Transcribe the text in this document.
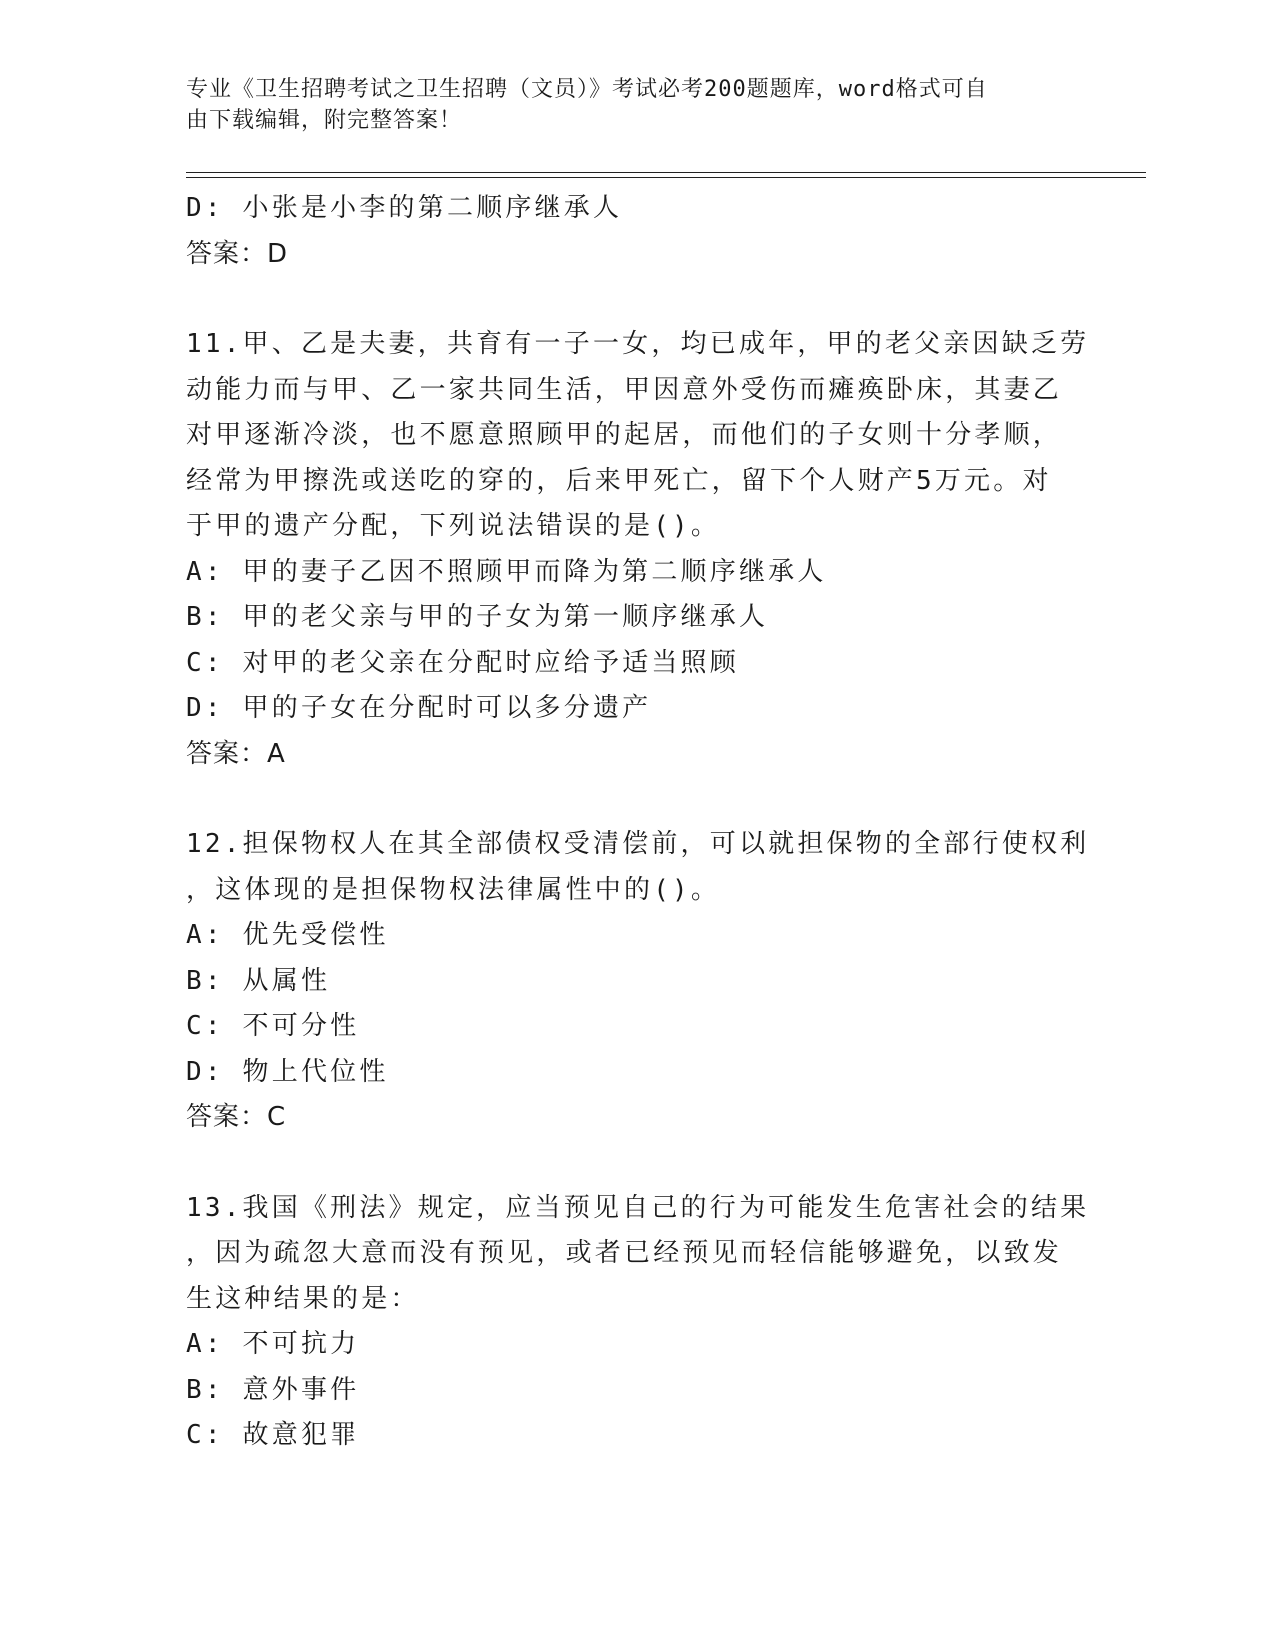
专业《卫生招聘考试之卫生招聘（文员）》考试必考200题题库，word格式可自
由下载编辑，附完整答案！
D: 小张是小李的第二顺序继承人
答案：D
11.甲、乙是夫妻，共育有一子一女，均已成年，甲的老父亲因缺乏劳
动能力而与甲、乙一家共同生活，甲因意外受伤而瘫痪卧床，其妻乙
对甲逐渐冷淡，也不愿意照顾甲的起居，而他们的子女则十分孝顺，
经常为甲擦洗或送吃的穿的，后来甲死亡，留下个人财产5万元。对
于甲的遗产分配，下列说法错误的是()。
A: 甲的妻子乙因不照顾甲而降为第二顺序继承人
B: 甲的老父亲与甲的子女为第一顺序继承人
C: 对甲的老父亲在分配时应给予适当照顾
D: 甲的子女在分配时可以多分遗产
答案：A
12.担保物权人在其全部债权受清偿前，可以就担保物的全部行使权利
，这体现的是担保物权法律属性中的()。
A: 优先受偿性
B: 从属性
C: 不可分性
D: 物上代位性
答案：C
13.我国《刑法》规定，应当预见自己的行为可能发生危害社会的结果
，因为疏忽大意而没有预见，或者已经预见而轻信能够避免，以致发
生这种结果的是：
A: 不可抗力
B: 意外事件
C: 故意犯罪
